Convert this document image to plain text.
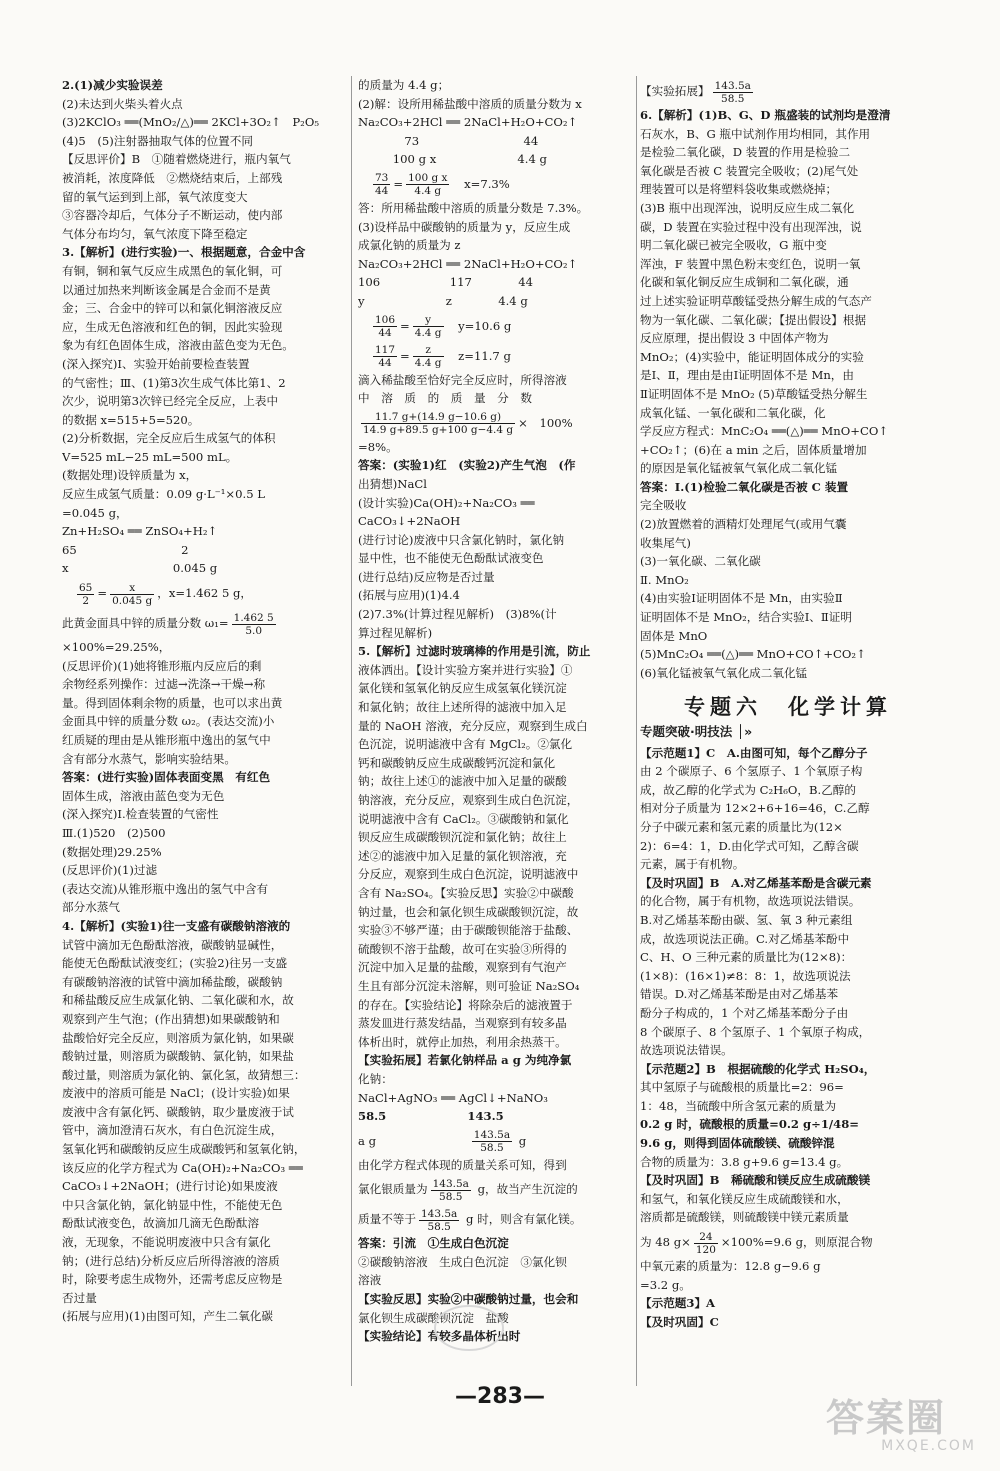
2.(1)减少实验误差
(2)未达到火柴头着火点
(3)2KClO₃ ══(MnO₂/△)══ 2KCl+3O₂↑　P₂O₅
(4)5　(5)注射器抽取气体的位置不同
【反思评价】B　①随着燃烧进行，瓶内氧气
被消耗，浓度降低　②燃烧结束后，上部残
留的氧气运到到上部，氧气浓度变大
③容器冷却后，气体分子不断运动，使内部
气体分布均匀，氧气浓度下降至稳定
3.【解析】(进行实验)一、根据题意，合金中含
有铜，铜和氧气反应生成黑色的氧化铜，可
以通过加热来判断该金属是合金而不是黄
金；三、合金中的锌可以和氯化铜溶液反应
应，生成无色溶液和红色的铜，因此实验现
象为有红色固体生成，溶液由蓝色变为无色。
(深入探究)Ⅰ、实验开始前要检查装置
的气密性；Ⅲ、(1)第3次生成气体比第1、2
次少，说明第3次锌已经完全反应，上表中
的数据 x=515+5=520。
(2)分析数据，完全反应后生成氢气的体积
V=525 mL−25 mL=500 mL。
(数据处理)设锌质量为 x，
反应生成氢气质量：0.09 g·L⁻¹×0.5 L
=0.045 g，
Zn+H₂SO₄ ══ ZnSO₄+H₂↑
65　　　　　　　　　2
x　　　　　　　　　0.045 g
$\frac{65}{2} = \frac{x}{0.045 g}$ ，x=1.462 5 g，
此黄金面具中锌的质量分数 $\omega_1= \frac{1.462 5}{5.0}$
×100%=29.25%，
(反思评价)(1)她将锥形瓶内反应后的剩
余物经系列操作：过滤→洗涤→干燥→称
量。得到固体剩余物的质量，也可以求出黄
金面具中锌的质量分数 ω₂。(表达交流)小
红质疑的理由是从锥形瓶中逸出的氢气中
含有部分水蒸气，影响实验结果。
答案：(进行实验)固体表面变黑　有红色
固体生成，溶液由蓝色变为无色
(深入探究)Ⅰ.检查装置的气密性
Ⅲ.(1)520　(2)500
(数据处理)29.25%
(反思评价)(1)过滤
(表达交流)从锥形瓶中逸出的氢气中含有
部分水蒸气
4.【解析】(实验1)往一支盛有碳酸钠溶液的
试管中滴加无色酚酞溶液，碳酸钠显碱性，
能使无色酚酞试液变红；(实验2)往另一支盛
有碳酸钠溶液的试管中滴加稀盐酸，碳酸钠
和稀盐酸反应生成氯化钠、二氧化碳和水，故
观察到产生气泡；(作出猜想)如果碳酸钠和
盐酸恰好完全反应，则溶质为氯化钠，如果碳
酸钠过量，则溶质为碳酸钠、氯化钠，如果盐
酸过量，则溶质为氯化钠、氯化氢，故猜想三：
废液中的溶质可能是 NaCl；(设计实验)如果
废液中含有氯化钙、碳酸钠，取少量废液于试
管中，滴加澄清石灰水，有白色沉淀生成，
氢氧化钙和碳酸钠反应生成碳酸钙和氢氧化钠，
该反应的化学方程式为 Ca(OH)₂+Na₂CO₃ ══
CaCO₃↓+2NaOH；(进行讨论)如果废液
中只含氯化钠，氯化钠显中性，不能使无色
酚酞试液变色，故滴加几滴无色酚酞溶
液，无现象，不能说明废液中只含有氯化
钠；(进行总结)分析反应后所得溶液的溶质
时，除要考虑生成物外，还需考虑反应物是
否过量
(拓展与应用)(1)由图可知，产生二氧化碳
的质量为 4.4 g；
(2)解：设所用稀盐酸中溶质的质量分数为 x
Na₂CO₃+2HCl ══ 2NaCl+H₂O+CO₂↑
　　　　73　　　　　　　　　44
　　　100 g x　　　　　　　4.4 g
$\frac{73}{44} = \frac{\text{100 g x}}{4.4 g}$ 　x=7.3%
答：所用稀盐酸中溶质的质量分数是 7.3%。
(3)设样品中碳酸钠的质量为 y，反应生成
成氯化钠的质量为 z
Na₂CO₃+2HCl ══ 2NaCl+H₂O+CO₂↑
106　　　　　　117　　　　44
y　　　　　　　z　　　　4.4 g
$\frac{106}{44} = \frac{y}{4.4 g}$ 　y=10.6 g
$\frac{117}{44} = \frac{z}{4.4 g}$ 　z=11.7 g
滴入稀盐酸至恰好完全反应时，所得溶液
中　溶　质　的　质　量　分　数
$\frac{11.7 g+(14.9 g-10.6 g)}{14.9 g+89.5 g+100 g-4.4 g}$ ×　100%
=8%。
答案：(实验1)红　(实验2)产生气泡　(作
出猜想)NaCl
(设计实验)Ca(OH)₂+Na₂CO₃ ══
CaCO₃↓+2NaOH
(进行讨论)废液中只含氯化钠时，氯化钠
显中性，也不能使无色酚酞试液变色
(进行总结)反应物是否过量
(拓展与应用)(1)4.4
(2)7.3%(计算过程见解析)　(3)8%(计
算过程见解析)
5.【解析】过滤时玻璃棒的作用是引流，防止
液体洒出。【设计实验方案并进行实验】①
氯化镁和氢氧化钠反应生成氢氧化镁沉淀
和氯化钠；故往上述所得的滤液中加入足
量的 NaOH 溶液，充分反应，观察到生成白
色沉淀，说明滤液中含有 MgCl₂。②氯化
钙和碳酸钠反应生成碳酸钙沉淀和氯化
钠；故往上述①的滤液中加入足量的碳酸
钠溶液，充分反应，观察到生成白色沉淀，
说明滤液中含有 CaCl₂。③碳酸钠和氯化
钡反应生成碳酸钡沉淀和氯化钠；故往上
述②的滤液中加入足量的氯化钡溶液，充
分反应，观察到生成白色沉淀，说明滤液中
含有 Na₂SO₄。【实验反思】实验②中碳酸
钠过量，也会和氯化钡生成碳酸钡沉淀，故
实验③不够严谨；由于碳酸钡能溶于盐酸、
硫酸钡不溶于盐酸，故可在实验③所得的
沉淀中加入足量的盐酸，观察到有气泡产
生且有部分沉淀未溶解，则可验证 Na₂SO₄
的存在。【实验结论】将除杂后的滤液置于
蒸发皿进行蒸发结晶，当观察到有较多晶
体析出时，就停止加热，利用余热蒸干。
【实验拓展】若氯化钠样品 a g 为纯净氯
化钠：
NaCl+AgNO₃ ══ AgCl↓+NaNO₃
58.5　　　　　　　143.5
a g　　　　　　　　 $\frac{143.5a}{58.5}$ g
由化学方程式体现的质量关系可知，得到
氯化银质量为 $\frac{143.5a}{58.5}$ g，故当产生沉淀的
质量不等于 $\frac{143.5a}{58.5}$ g 时，则含有氯化镁。
答案：引流　①生成白色沉淀
②碳酸钠溶液　生成白色沉淀　③氯化钡
溶液
【实验反思】实验②中碳酸钠过量，也会和
氯化钡生成碳酸钡沉淀　盐酸
【实验结论】有较多晶体析出时
【实验拓展】 $\frac{143.5a}{58.5}$
6.【解析】(1)B、G、D 瓶盛装的试剂均是澄清
石灰水，B、G 瓶中试剂作用均相同，其作用
是检验二氧化碳，D 装置的作用是检验二
氧化碳是否被 C 装置完全吸收；(2)尾气处
理装置可以是将塑料袋收集或燃烧掉；
(3)B 瓶中出现浑浊，说明反应生成二氧化
碳，D 装置在实验过程中没有出现浑浊，说
明二氧化碳已被完全吸收，G 瓶中变
浑浊，F 装置中黑色粉末变红色，说明一氧
化碳和氧化铜反应生成铜和二氧化碳，通
过上述实验证明草酸锰受热分解生成的气态产
物为一氧化碳、二氧化碳；【提出假设】根据
反应原理，提出假设 3 中固体产物为
MnO₂；(4)实验中，能证明固体成分的实验
是Ⅰ、Ⅱ，理由是由Ⅰ证明固体不是 Mn，由
Ⅱ证明固体不是 MnO₂ (5)草酸锰受热分解生
成氧化锰、一氧化碳和二氧化碳，化
学反应方程式：MnC₂O₄ ══(△)══ MnO+CO↑
+CO₂↑；(6)在 a min 之后，固体质量增加
的原因是氧化锰被氧气氧化成二氧化锰
答案：Ⅰ.(1)检验二氧化碳是否被 C 装置
完全吸收
(2)放置燃着的酒精灯处理尾气(或用气囊
收集尾气)
(3)一氧化碳、二氧化碳
Ⅱ. MnO₂
(4)由实验Ⅰ证明固体不是 Mn，由实验Ⅱ
证明固体不是 MnO₂，结合实验Ⅰ、Ⅱ证明
固体是 MnO
(5)MnC₂O₄ ══(△)══ MnO+CO↑+CO₂↑
(6)氧化锰被氧气氧化成二氧化锰
专题六　化学计算
专题突破·明技法 │»
【示范题1】C　A.由图可知，每个乙醇分子
由 2 个碳原子、6 个氢原子、1 个氧原子构
成，故乙醇的化学式为 C₂H₆O，B.乙醇的
相对分子质量为 12×2+6+16=46，C.乙醇
分子中碳元素和氢元素的质量比为(12×
2)：6=4：1，D.由化学式可知，乙醇含碳
元素，属于有机物。
【及时巩固】B　A.对乙烯基苯酚是含碳元素
的化合物，属于有机物，故选项说法错误。
B.对乙烯基苯酚由碳、氢、氧 3 种元素组
成，故选项说法正确。C.对乙烯基苯酚中
C、H、O 三种元素的质量比为(12×8)：
(1×8)：(16×1)≠8：8：1，故选项说法
错误。D.对乙烯基苯酚是由对乙烯基苯
酚分子构成的，1 个对乙烯基苯酚分子由
8 个碳原子、8 个氢原子、1 个氧原子构成，
故选项说法错误。
【示范题2】B　根据硫酸的化学式 H₂SO₄，
其中氢原子与硫酸根的质量比=2：96=
1：48，当硫酸中所含氢元素的质量为
0.2 g 时，硫酸根的质量=0.2 g÷1/48=
9.6 g，则得到固体硫酸镁、硫酸锌混
合物的质量为：3.8 g+9.6 g=13.4 g。
【及时巩固】B　稀硫酸和镁反应生成硫酸镁
和氢气，和氧化镁反应生成硫酸镁和水，
溶质都是硫酸镁，则硫酸镁中镁元素质量
为 48 $g\times \frac{24}{120} \times 100\%=9.6$ g，则原混合物
中氧元素的质量为：12.8 g−9.6 g
=3.2 g。
【示范题3】A
【及时巩固】C
—283—	答案圈
MXQE.COM
